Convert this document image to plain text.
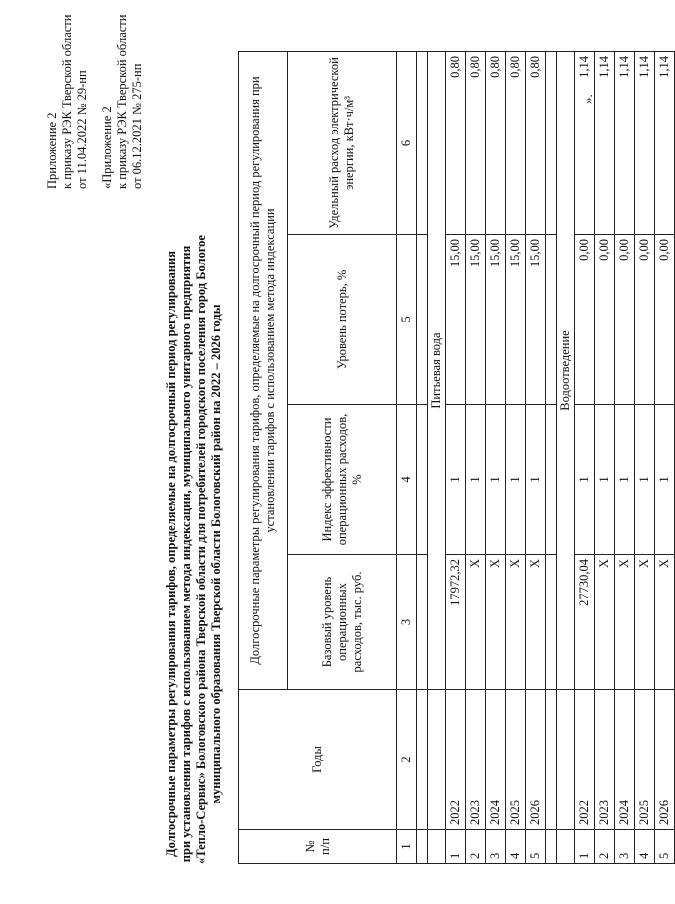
Приложение 2 к приказу РЭК Тверской области от 11.04.2022 № 29-нп «Приложение 2 к приказу РЭК Тверской области от 06.12.2021 № 275-нп
Долгосрочные параметры регулирования тарифов, определяемые на долгосрочный период регулирования при установлении тарифов с использованием метода индексации, муниципального унитарного предприятия «Тепло-Сервис» Бологовского района Тверской области для потребителей городского поселения город Бологое муниципального образования Тверской области Бологовский район на 2022 – 2026 годы
№ п/п	Годы	Долгосрочные параметры регулирования тарифов, определяемые на долгосрочный период регулирования при установлении тарифов с использованием метода индексации			
		Базовый уровень операционных расходов, тыс. руб.	Индекс эффективности операционных расходов, %	Уровень потерь, %	Удельный расход электрической энергии, кВт·ч/м³
1	2	3	4	5	6

		Питьевая вода			
1	2022	17972,32	1	15,00	0,80
2	2023	Х	1	15,00	0,80
3	2024	Х	1	15,00	0,80
4	2025	Х	1	15,00	0,80
5	2026	Х	1	15,00	0,80

		Водоотведение			
1	2022	27730,04	1	0,00	1,14
2	2023	Х	1	0,00	1,14
3	2024	Х	1	0,00	1,14
4	2025	Х	1	0,00	1,14
5	2026	Х	1	0,00	1,14
».
